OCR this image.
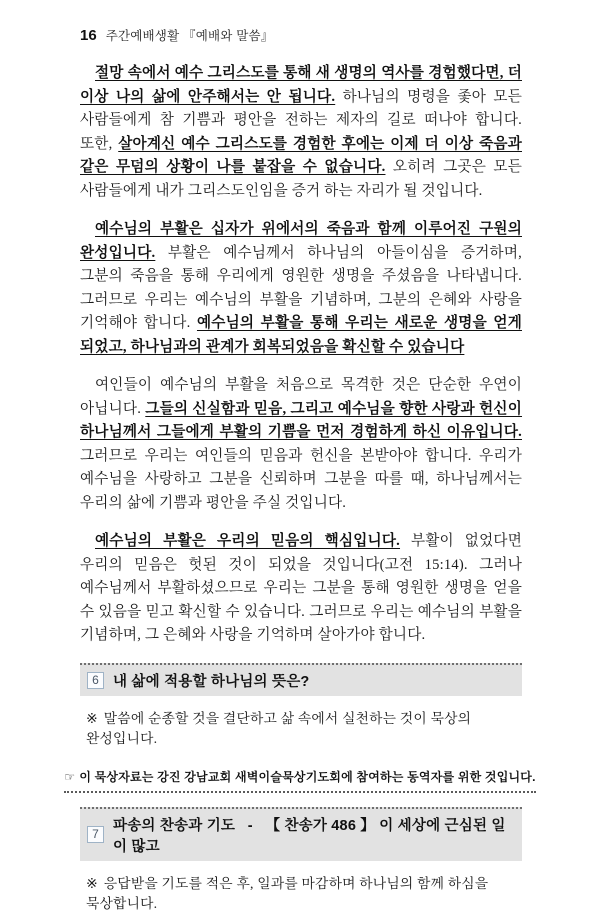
16 주간예배생활 『예배와 말씀』
절망 속에서 예수 그리스도를 통해 새 생명의 역사를 경험했다면, 더 이상 나의 삶에 안주해서는 안 됩니다. 하나님의 명령을 좇아 모든 사람들에게 참 기쁨과 평안을 전하는 제자의 길로 떠나야 합니다. 또한, 살아계신 예수 그리스도를 경험한 후에는 이제 더 이상 죽음과 같은 무덤의 상황이 나를 붙잡을 수 없습니다. 오히려 그곳은 모든 사람들에게 내가 그리스도인임을 증거 하는 자리가 될 것입니다.
예수님의 부활은 십자가 위에서의 죽음과 함께 이루어진 구원의 완성입니다. 부활은 예수님께서 하나님의 아들이심을 증거하며, 그분의 죽음을 통해 우리에게 영원한 생명을 주셨음을 나타냅니다. 그러므로 우리는 예수님의 부활을 기념하며, 그분의 은혜와 사랑을 기억해야 합니다. 예수님의 부활을 통해 우리는 새로운 생명을 얻게 되었고, 하나님과의 관계가 회복되었음을 확신할 수 있습니다
여인들이 예수님의 부활을 처음으로 목격한 것은 단순한 우연이 아닙니다. 그들의 신실함과 믿음, 그리고 예수님을 향한 사랑과 헌신이 하나님께서 그들에게 부활의 기쁨을 먼저 경험하게 하신 이유입니다. 그러므로 우리는 여인들의 믿음과 헌신을 본받아야 합니다. 우리가 예수님을 사랑하고 그분을 신뢰하며 그분을 따를 때, 하나님께서는 우리의 삶에 기쁨과 평안을 주실 것입니다.
예수님의 부활은 우리의 믿음의 핵심입니다. 부활이 없었다면 우리의 믿음은 헛된 것이 되었을 것입니다(고전 15:14). 그러나 예수님께서 부활하셨으므로 우리는 그분을 통해 영원한 생명을 얻을 수 있음을 믿고 확신할 수 있습니다. 그러므로 우리는 예수님의 부활을 기념하며, 그 은혜와 사랑을 기억하며 살아가야 합니다.
6 내 삶에 적용할 하나님의 뜻은?
※ 말씀에 순종할 것을 결단하고 삶 속에서 실천하는 것이 묵상의 완성입니다.
7
파송의 찬송과 기도   -   【 찬송가 486 】 이 세상에 근심된 일이 많고
※ 응답받을 기도를 적은 후, 일과를 마감하며 하나님의 함께 하심을 묵상합니다.
☞ 이 묵상자료는 강진 강남교회 새벽이슬묵상기도회에 참여하는 동역자를 위한 것입니다.
